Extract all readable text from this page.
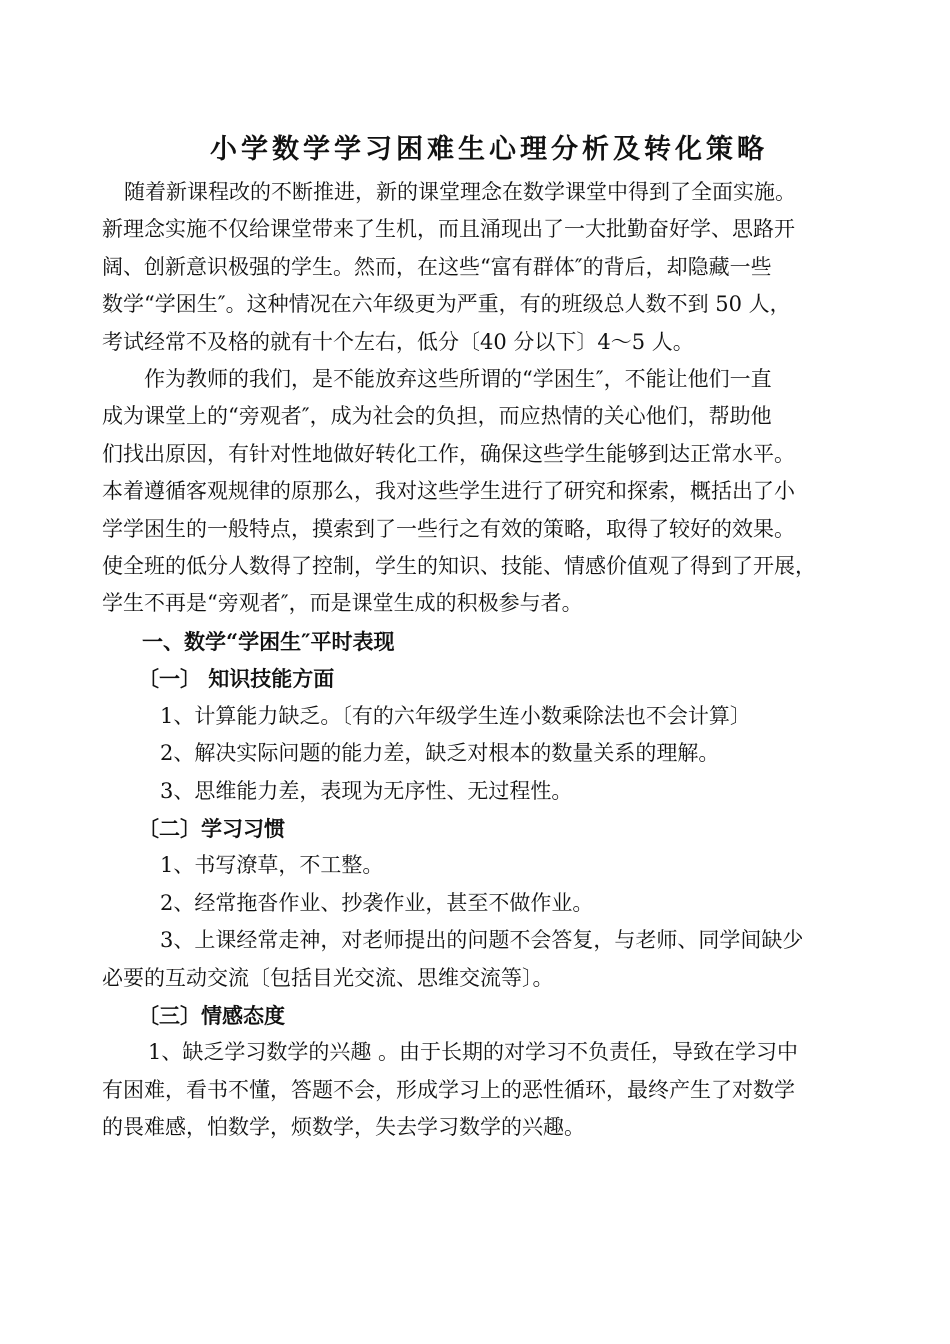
小学数学学习困难生心理分析及转化策略
随着新课程改的不断推进，新的课堂理念在数学课堂中得到了全面实施。
新理念实施不仅给课堂带来了生机，而且涌现出了一大批勤奋好学、思路开
阔、创新意识极强的学生。然而，在这些“富有群体″的背后，却隐藏一些
数学“学困生″。这种情况在六年级更为严重，有的班级总人数不到 50 人，
考试经常不及格的就有十个左右，低分〔40 分以下〕4～5 人。
作为教师的我们，是不能放弃这些所谓的“学困生″，不能让他们一直
成为课堂上的“旁观者″，成为社会的负担，而应热情的关心他们，帮助他
们找出原因，有针对性地做好转化工作，确保这些学生能够到达正常水平。
本着遵循客观规律的原那么，我对这些学生进行了研究和探索，概括出了小
学学困生的一般特点，摸索到了一些行之有效的策略，取得了较好的效果。
使全班的低分人数得了控制，学生的知识、技能、情感价值观了得到了开展，
学生不再是“旁观者″，而是课堂生成的积极参与者。
一、数学“学困生″平时表现
〔一〕 知识技能方面
1、计算能力缺乏。〔有的六年级学生连小数乘除法也不会计算〕
2、解决实际问题的能力差，缺乏对根本的数量关系的理解。
3、思维能力差，表现为无序性、无过程性。
〔二〕学习习惯
1、书写潦草，不工整。
2、经常拖沓作业、抄袭作业，甚至不做作业。
3、上课经常走神，对老师提出的问题不会答复，与老师、同学间缺少
必要的互动交流〔包括目光交流、思维交流等〕。
〔三〕情感态度
1、缺乏学习数学的兴趣 。由于长期的对学习不负责任，导致在学习中
有困难，看书不懂，答题不会，形成学习上的恶性循环，最终产生了对数学
的畏难感，怕数学，烦数学，失去学习数学的兴趣。
